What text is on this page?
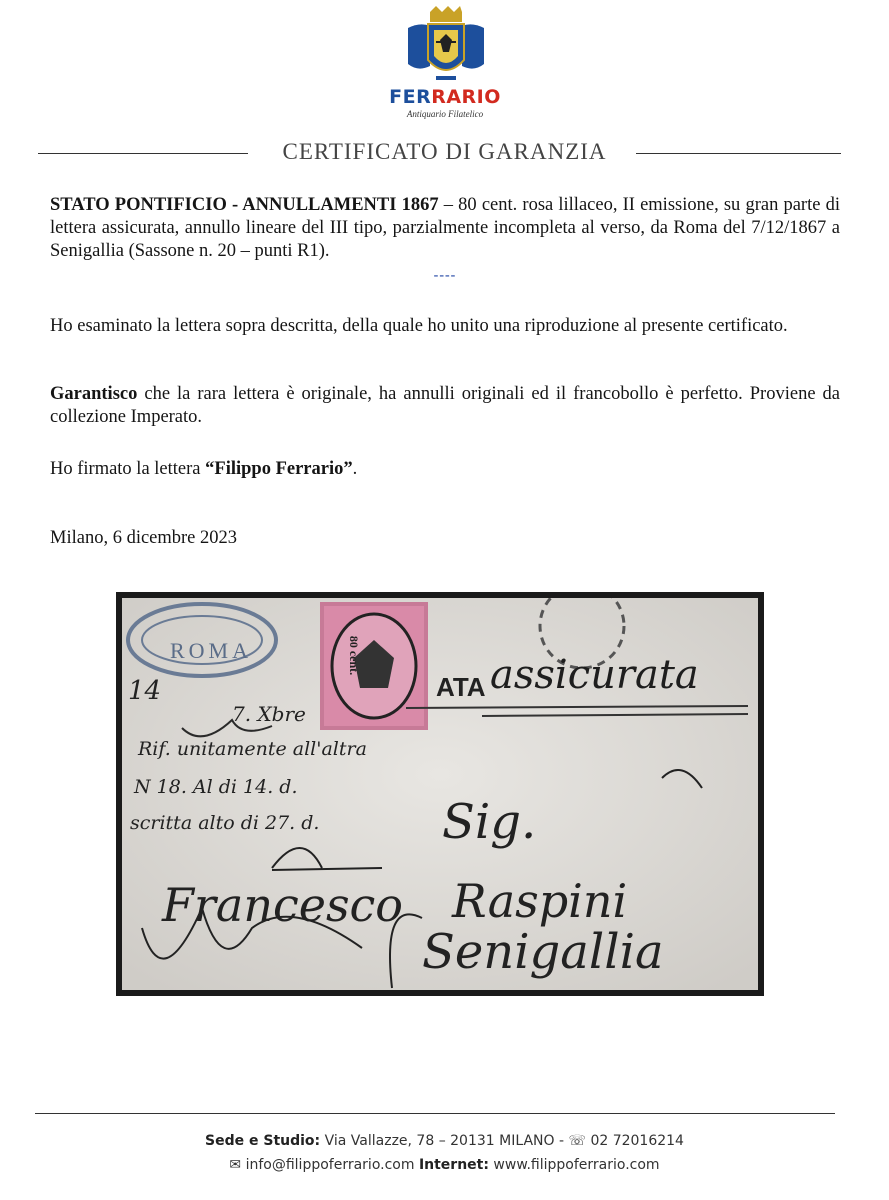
FERRARIO
Antiquario Filatelico
CERTIFICATO DI GARANZIA
STATO PONTIFICIO - ANNULLAMENTI 1867 – 80 cent. rosa lillaceo, II emissione, su gran parte di lettera assicurata, annullo lineare del III tipo, parzialmente incompleta al verso, da Roma del 7/12/1867 a Senigallia (Sassone n. 20 – punti R1).
----
Ho esaminato la lettera sopra descritta, della quale ho unito una riproduzione al presente certificato.
Garantisco che la rara lettera è originale, ha annulli originali ed il francobollo è perfetto. Proviene da collezione Imperato.
Ho firmato la lettera “Filippo Ferrario”.
Milano, 6 dicembre 2023
ROMA	80 cent.
ATA assicurata
14
7. Xbre
Rif. unitamente all'altra
N 18. Al di 14. d.
scritta alto di 27. d.	Sig.
Francesco Raspini
Senigallia
Sede e Studio: Via Vallazze, 78 – 20131 MILANO - ☏ 02 72016214
✉ info@filippoferrario.com Internet: www.filippoferrario.com
